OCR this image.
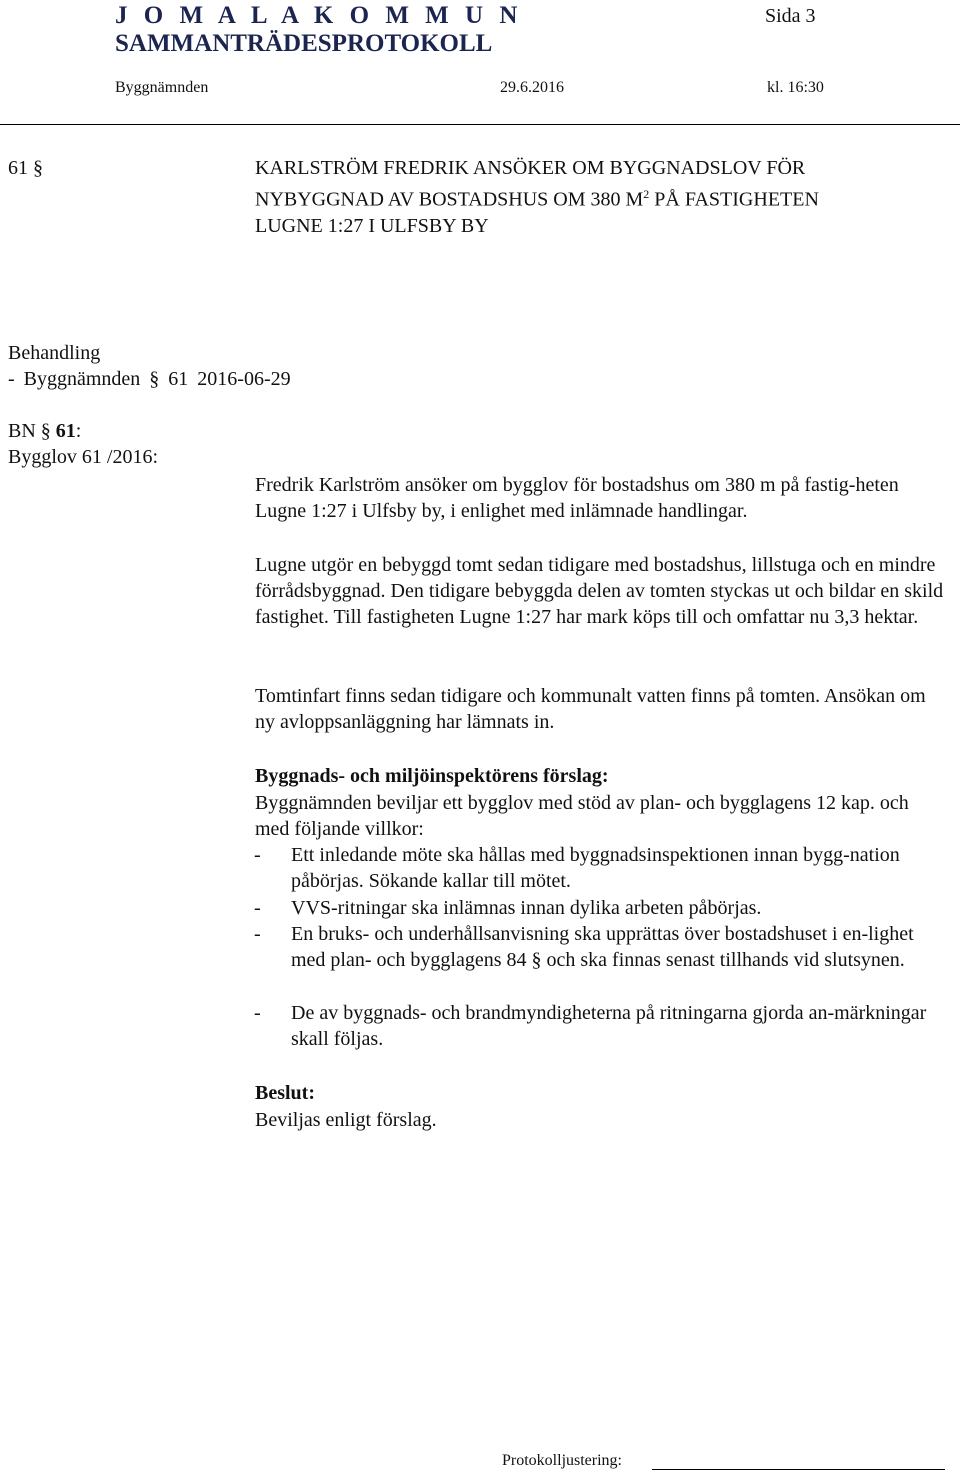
J O M A L A K O M M U N	Sida 3
SAMMANTRÄDESPROTOKOLL
Byggnämnden	29.6.2016	kl. 16:30
61 §	KARLSTRÖM FREDRIK ANSÖKER OM BYGGNADSLOV FÖR
NYBYGGNAD AV BOSTADSHUS OM 380 $M^2$ PÅ FASTIGHETEN
LUGNE 1:27 I ULFSBY BY
Behandling
- Byggnämnden § 61 2016-06-29
BN § 61:
Bygglov 61 /2016:
Fredrik Karlström ansöker om bygglov för bostadshus om 380 m på fastig-heten Lugne 1:27 i Ulfsby by, i enlighet med inlämnade handlingar.
Lugne utgör en bebyggd tomt sedan tidigare med bostadshus, lillstuga och en mindre förrådsbyggnad. Den tidigare bebyggda delen av tomten styckas ut och bildar en skild fastighet. Till fastigheten Lugne 1:27 har mark köps till och omfattar nu 3,3 hektar.
Tomtinfart finns sedan tidigare och kommunalt vatten finns på tomten. Ansökan om ny avloppsanläggning har lämnats in.
Byggnads- och miljöinspektörens förslag:
Byggnämnden beviljar ett bygglov med stöd av plan- och bygglagens 12 kap. och med följande villkor:
- Ett inledande möte ska hållas med byggnadsinspektionen innan bygg-nation påbörjas. Sökande kallar till mötet.
- VVS-ritningar ska inlämnas innan dylika arbeten påbörjas.
- En bruks- och underhållsanvisning ska upprättas över bostadshuset i en-lighet med plan- och bygglagens 84 § och ska finnas senast tillhands vid slutsynen.
- De av byggnads- och brandmyndigheterna på ritningarna gjorda an-märkningar skall följas.
Beslut:
Beviljas enligt förslag.
Protokolljustering:
